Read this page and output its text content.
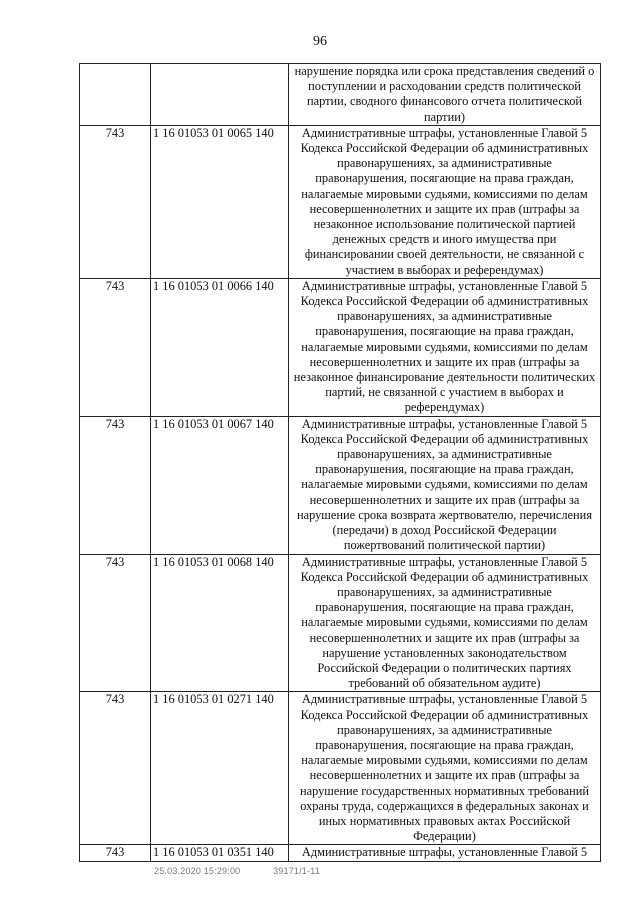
96
		нарушение порядка или срока представления сведений о поступлении и расходовании средств политической партии, сводного финансового отчета политической партии)
743	1 16 01053 01 0065 140	Административные штрафы, установленные Главой 5 Кодекса Российской Федерации об административных правонарушениях, за административные правонарушения, посягающие на права граждан, налагаемые мировыми судьями, комиссиями по делам несовершеннолетних и защите их прав (штрафы за незаконное использование политической партией денежных средств и иного имущества при финансировании своей деятельности, не связанной с участием в выборах и референдумах)
743	1 16 01053 01 0066 140	Административные штрафы, установленные Главой 5 Кодекса Российской Федерации об административных правонарушениях, за административные правонарушения, посягающие на права граждан, налагаемые мировыми судьями, комиссиями по делам несовершеннолетних и защите их прав (штрафы за незаконное финансирование деятельности политических партий, не связанной с участием в выборах и референдумах)
743	1 16 01053 01 0067 140	Административные штрафы, установленные Главой 5 Кодекса Российской Федерации об административных правонарушениях, за административные правонарушения, посягающие на права граждан, налагаемые мировыми судьями, комиссиями по делам несовершеннолетних и защите их прав (штрафы за нарушение срока возврата жертвователю, перечисления (передачи) в доход Российской Федерации пожертвований политической партии)
743	1 16 01053 01 0068 140	Административные штрафы, установленные Главой 5 Кодекса Российской Федерации об административных правонарушениях, за административные правонарушения, посягающие на права граждан, налагаемые мировыми судьями, комиссиями по делам несовершеннолетних и защите их прав (штрафы за нарушение установленных законодательством Российской Федерации о политических партиях требований об обязательном аудите)
743	1 16 01053 01 0271 140	Административные штрафы, установленные Главой 5 Кодекса Российской Федерации об административных правонарушениях, за административные правонарушения, посягающие на права граждан, налагаемые мировыми судьями, комиссиями по делам несовершеннолетних и защите их прав (штрафы за нарушение государственных нормативных требований охраны труда, содержащихся в федеральных законах и иных нормативных правовых актах Российской Федерации)
743	1 16 01053 01 0351 140	Административные штрафы, установленные Главой 5
25.03.2020 15:29:00	39171/1-11
